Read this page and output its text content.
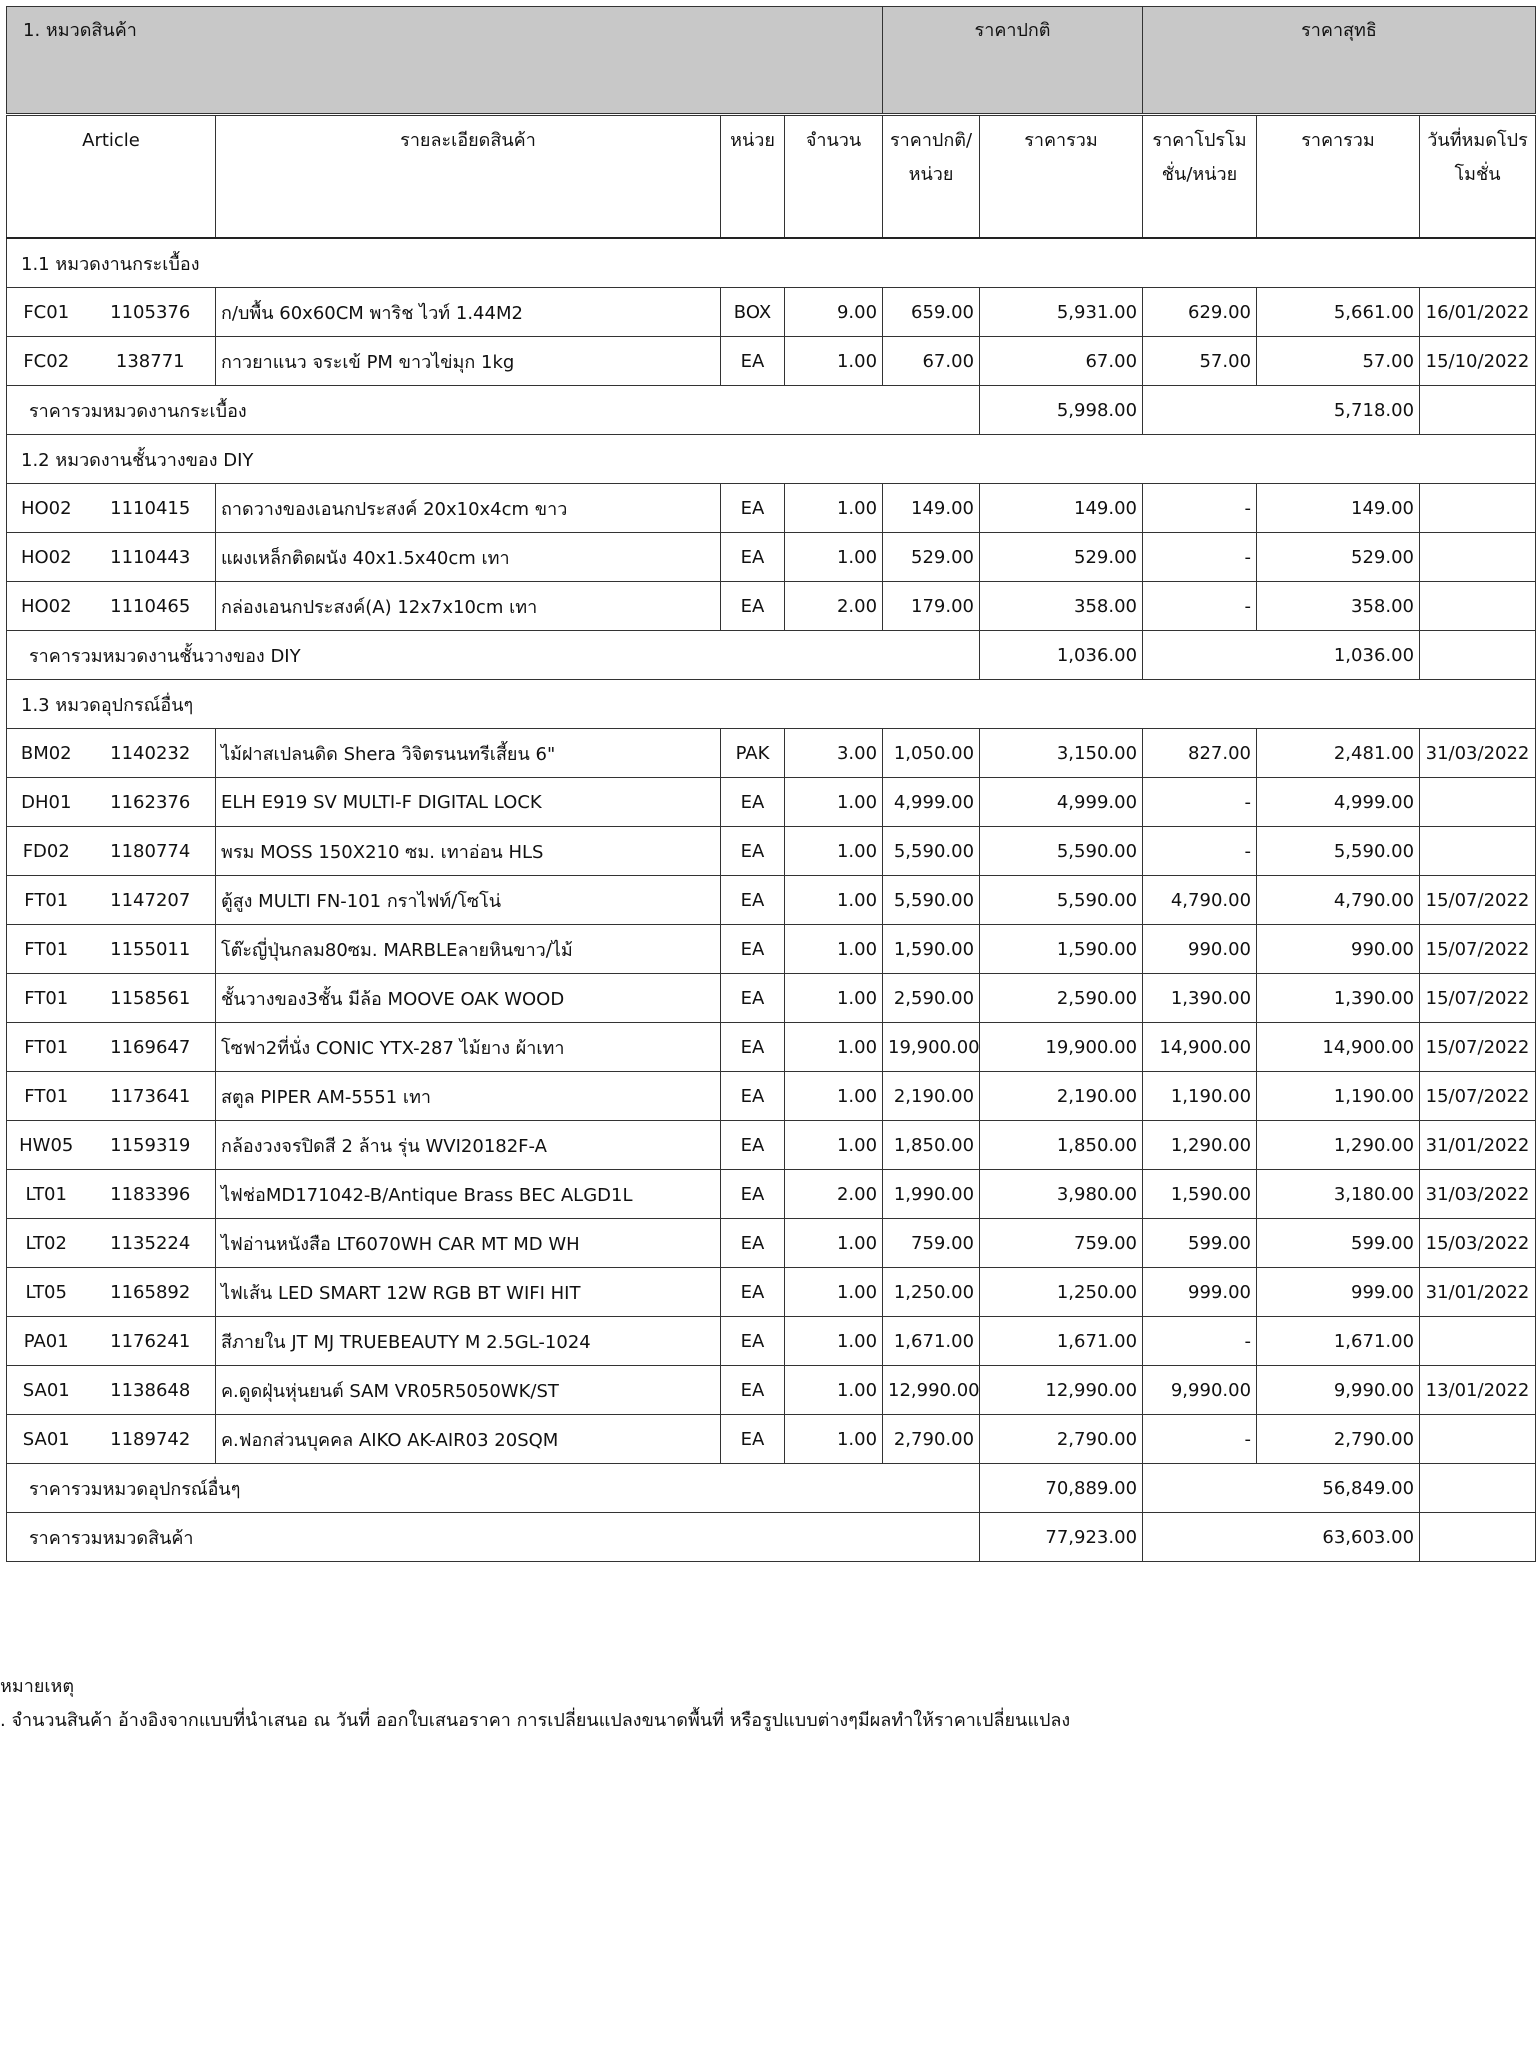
1. หมวดสินค้า					ราคาปกติ		ราคาสุทธิ		
Article		รายละเอียดสินค้า	หน่วย	จำนวน	ราคาปกติ/หน่วย	ราคารวม	ราคาโปรโมชั่น/หน่วย	ราคารวม	วันที่หมดโปรโมชั่น
1.1 หมวดงานกระเบื้อง									
FC01	1105376	ก/บพื้น 60x60CM พาริช ไวท์ 1.44M2	BOX	9.00	659.00	5,931.00	629.00	5,661.00	16/01/2022
FC02	138771	กาวยาแนว จระเข้ PM ขาวไข่มุก 1kg	EA	1.00	67.00	67.00	57.00	57.00	15/10/2022
ราคารวมหมวดงานกระเบื้อง						5,998.00	5,718.00		
1.2 หมวดงานชั้นวางของ DIY									
HO02	1110415	ถาดวางของเอนกประสงค์ 20x10x4cm ขาว	EA	1.00	149.00	149.00	-	149.00	
HO02	1110443	แผงเหล็กติดผนัง 40x1.5x40cm เทา	EA	1.00	529.00	529.00	-	529.00	
HO02	1110465	กล่องเอนกประสงค์(A) 12x7x10cm เทา	EA	2.00	179.00	358.00	-	358.00	
ราคารวมหมวดงานชั้นวางของ DIY						1,036.00	1,036.00		
1.3 หมวดอุปกรณ์อื่นๆ									
BM02	1140232	ไม้ฝาสเปลนดิด Shera วิจิตรนนทรีเสี้ยน 6"	PAK	3.00	1,050.00	3,150.00	827.00	2,481.00	31/03/2022
DH01	1162376	ELH E919 SV MULTI-F DIGITAL LOCK	EA	1.00	4,999.00	4,999.00	-	4,999.00	
FD02	1180774	พรม MOSS 150X210 ซม. เทาอ่อน HLS	EA	1.00	5,590.00	5,590.00	-	5,590.00	
FT01	1147207	ตู้สูง MULTI FN-101 กราไฟท์/โซโน่	EA	1.00	5,590.00	5,590.00	4,790.00	4,790.00	15/07/2022
FT01	1155011	โต๊ะญี่ปุ่นกลม80ซม. MARBLEลายหินขาว/ไม้	EA	1.00	1,590.00	1,590.00	990.00	990.00	15/07/2022
FT01	1158561	ชั้นวางของ3ชั้น มีล้อ MOOVE OAK WOOD	EA	1.00	2,590.00	2,590.00	1,390.00	1,390.00	15/07/2022
FT01	1169647	โซฟา2ที่นั่ง CONIC YTX-287 ไม้ยาง ผ้าเทา	EA	1.00	19,900.00	19,900.00	14,900.00	14,900.00	15/07/2022
FT01	1173641	สตูล PIPER AM-5551 เทา	EA	1.00	2,190.00	2,190.00	1,190.00	1,190.00	15/07/2022
HW05	1159319	กล้องวงจรปิดสี 2 ล้าน รุ่น WVI20182F-A	EA	1.00	1,850.00	1,850.00	1,290.00	1,290.00	31/01/2022
LT01	1183396	ไฟช่อMD171042-B/Antique Brass BEC ALGD1L	EA	2.00	1,990.00	3,980.00	1,590.00	3,180.00	31/03/2022
LT02	1135224	ไฟอ่านหนังสือ LT6070WH CAR MT MD WH	EA	1.00	759.00	759.00	599.00	599.00	15/03/2022
LT05	1165892	ไฟเส้น LED SMART 12W RGB BT WIFI HIT	EA	1.00	1,250.00	1,250.00	999.00	999.00	31/01/2022
PA01	1176241	สีภายใน JT MJ TRUEBEAUTY M 2.5GL-1024	EA	1.00	1,671.00	1,671.00	-	1,671.00	
SA01	1138648	ค.ดูดฝุ่นหุ่นยนต์ SAM VR05R5050WK/ST	EA	1.00	12,990.00	12,990.00	9,990.00	9,990.00	13/01/2022
SA01	1189742	ค.ฟอกส่วนบุคคล AIKO AK-AIR03 20SQM	EA	1.00	2,790.00	2,790.00	-	2,790.00	
ราคารวมหมวดอุปกรณ์อื่นๆ						70,889.00	56,849.00		
ราคารวมหมวดสินค้า						77,923.00	63,603.00		
หมายเหตุ
. จำนวนสินค้า อ้างอิงจากแบบที่นำเสนอ ณ วันที่ ออกใบเสนอราคา การเปลี่ยนแปลงขนาดพื้นที่ หรือรูปแบบต่างๆมีผลทำให้ราคาเปลี่ยนแปลง
